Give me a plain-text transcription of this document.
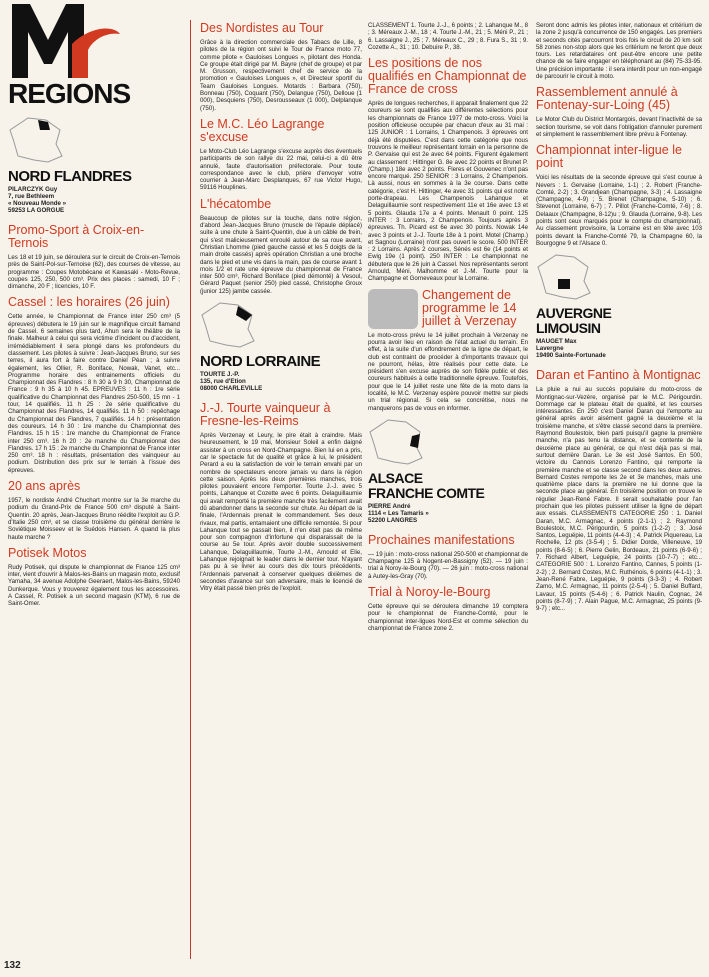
REGIONS
NORD FLANDRES
PILARCZYK Guy
7, rue Bethleem
« Nouveau Monde »
59253 LA GORGUE
Promo-Sport à Croix-en-Ternois
Les 18 et 19 juin, se déroulera sur le circuit de Croix-en-Ternois près de Saint-Pol-sur-Ternoise (62), des courses de vitesse, au programme : Coupes Motobécane et Kawasaki - Moto-Revue, coupes 125, 250, 500 cm³. Prix des places : samedi, 10 F ; dimanche, 20 F ; licencies, 10 F.
Cassel : les horaires (26 juin)
Cette année, le Championnat de France inter 250 cm³ (5 épreuves) débutera le 19 juin sur le magnifique circuit flamand de Cassel. 6 semaines plus tard, Ahun sera le théâtre de la finale. Malheur à celui qui sera victime d'incident ou d'accident, irrémédiablement il sera plongé dans les profondeurs du classement. Les pilotes à suivre : Jean-Jacques Bruno, sur ses terres, il aura fort à faire contre Daniel Péan ; à suivre également, les Ollier, R. Boniface, Nowak, Vanet, etc... Programme horaire des entrainements officiels du Championnat des Flandres : 8 h 30 à 9 h 30, Championnat de France : 9 h 35 à 10 h 45. EPREUVES : 11 h : 1re série qualificative du Championnat des Flandres 250-500, 15 mn - 1 tour, 14 qualifiés. 11 h 25 : 2e série qualificative du Championnat des Flandres, 14 qualifiés. 11 h 50 : repêchage du Championnat des Flandres, 7 qualifiés. 14 h : présentation des coureurs. 14 h 30 : 1re manche du Championnat des Flandres. 15 h 15 : 1re manche du Championnat de France inter 250 cm³. 16 h 20 : 2e manche du Championnat des Flandres. 17 h 15 : 2e manche du Championnat de France inter 250 cm³. 18 h : résultats, présentation des vainqueur au podium. Distribution des prix sur le terrain à l'issue des épreuves.
20 ans après
1957, le nordiste André Chuchart montre sur la 3e marche du podium du Grand-Prix de France 500 cm³ disputé à Saint-Quentin. 20 après, Jean-Jacques Bruno réédite l'exploit au G.P. d'Italie 250 cm³, et se classe troisième du général derrière le Soviétique Moisseev et le Suédois Hansen. A quand la plus haute marche ?
Potisek Motos
Rudy Potisek, qui dispute le championnat de France 125 cm³ inter, vient d'ouvrir à Malos-les-Bains un magasin moto, exclusif Yamaha, 34 avenue Adolphe Geeraert, Malos-les-Bains, 59240 Dunkerque. Vous y trouverez également tous les accessoires. A Cassel, R. Potisek a un second magasin (KTM), 6 rue de Saint-Omer.
Des Nordistes au Tour
Grâce à la direction commerciale des Tabacs de Lille, 8 pilotes de la région ont suivi le Tour de France moto 77, comme pilote « Gauloises Longues », pilotant des Honda. Ce groupe était dirigé par M. Bayre (chef de groupe) et par M. Grusson, respectivement chef de service de la promotion « Gauloises Longues », et Directeur sportif du Team Gauloises Longues. Motards : Barbara (750), Bonneau (750), Coquant (750), Delangue (750), Dellouе (1 000), Desquiens (750), Desrousseaux (1 000), Delplanque (750).
Le M.C. Léo Lagrange s'excuse
Le Moto-Club Léo Lagrange s'excuse auprès des éventuels participants de son rallye du 22 mai, celui-ci a dû être annulé, faute d'autorisation préfectorale. Pour toute correspondance avec le club, prière d'envoyer votre courrier à Jean-Marc Desplanques, 67 rue Victor Hugo, 59116 Houplines.
L'hécatombe
Beaucoup de pilotes sur la touche, dans notre région, d'abord Jean-Jacques Bruno (muscle de l'épaule déplacé) suite à une chute à Saint-Quentin, due à un câble de frein, qui s'est malicieusement enroulé autour de sa roue avant, Christian Lhomme (pied gauche cassé et les 5 doigts de la main droite cassés) après opération Christian a une broche dans le pied et une vis dans la main, pas de course avant 1 mois 1/2 et rate une épreuve du championnat de France inter 500 cm³, Richard Boniface (pied démonté) à Vesoul, Gérard Paquet (senior 250) pied cassé, Christophe Groux (junior 125) jambe cassée.
NORD LORRAINE
TOURTE J.-P.
135, rue d'Etion
08000 CHARLEVILLE
J.-J. Tourte vainqueur à Fresne-les-Reims
Après Verzenay et Leury, le pire était à craindre. Mais heureusement, le 19 mai, Monsieur Soleil a enfin daigné assister à un cross en Nord-Champagne. Bien lui en a pris, car le spectacle fut de qualité et grâce à lui, le président Perard a eu la satisfaction de voir le terrain envahi par un nombre de spectateurs encore jamais vu dans la région cette saison. Après les deux premières manches, trois pilotes pouvaient encore l'emporter. Tourte J.-J. avec 5 points, Lahanque et Cozette avec 6 points. Delaguillaumie qui avait remporté la première manche très facilement avait dû abandonner dans la seconde sur chute. Au départ de la finale, l'Ardennais prenait le commandement. Ses deux rivaux, mal partis, entamaient une difficile remontée. Si pour Lahanque tout se passait bien, il n'en était pas de même pour son compagnon d'infortune qui disparaissait de la course au 5e tour. Après avoir double successivement Lahanque, Delaguillaumie, Tourte J.-M., Arnould et Elie, Lahanque rejoignait le leader dans le dernier tour. N'ayant pas pu à se livrer au cours des dix tours précédents, l'Ardennais parvenait à conserver quelques dixièmes de secondes d'avance sur son adversaire, mais le licencié de Vitry était passé bien près de l'exploit.
CLASSEMENT 1. Tourte J.-J., 6 points ; 2. Lahanque M., 8 ; 3. Méreaux J.-M., 18 ; 4. Tourte J.-M., 21 ; 5. Méni P., 21 ; 6. Lassaigne J., 25 ; 7. Méreaux C., 29 ; 8. Fura S., 31 ; 9. Cozette A., 31 ; 10. Debuire P., 38.
Les positions de nos qualifiés en Championnat de France de cross
Après de longues recherches, il apparait finalement que 22 coureurs se sont qualifiés aux différentes sélections pour les championnats de France 1977 de moto-cross. Voici la position officieuse occupée par chacun d'eux au 31 mai : 125 JUNIOR : 1 Lorrains, 1 Champenois. 3 épreuves ont déjà été disputées. C'est dans cette catégorie que nous trouvons le meilleur représentant lorrain en la personne de P. Gervaise qui est 2e avec 64 points. Figurent également au classement : Hittinger G. 8e avec 22 points et Brunet P. (Champ.) 18e avec 2 points. Fleres et Gouvenec n'ont pas encore marqué. 250 SENIOR : 3 Lorrains, 2 Champenois. Là aussi, nous en sommes à la 3e course. Dans cette catégorie, c'est H. Hittinger, 4e avec 31 points qui est notre porte-drapeau. Les Champenois Lahanque et Delaguillaumie sont respectivement 11e et 16e avec 13 et 5 points. Glauda 17e a 4 points. Menault 0 point. 125 INTER : 3 Lorrains, 2 Champenois. Toujours après 3 épreuves. Th. Picard est 6e avec 30 points. Nowak 14e avec 3 points et J.-J. Tourte 18e à 1 point. Motel (Champ.) et Sagnou (Lorraine) n'ont pas ouvert le score. 500 INTER : 2 Lorrains. Après 2 courses, Sénés est 6e (14 points et Ewig 19e (1 point). 250 INTER : Le championnat ne débutera que le 26 juin à Cassel. Nos représentants seront Arnould, Méni, Malhomme et J.-M. Tourte pour la Champagne et Gorneveaux pour la Lorraine.
Changement de programme le 14 juillet à Verzenay
Le moto-cross prévu le 14 juillet prochain à Verzenay ne pourra avoir lieu en raison de l'état actuel du terrain. En effet, à la suite d'un effondrement de la ligne de départ, le club est contraint de procéder à d'importants travaux qui ne pourront, hélas, être réalisés pour cette date. Le président s'en excuse auprès de son fidèle public et des coureurs habitués à cette traditionnelle épreuve. Toutefois, pour que le 14 juillet reste une fête de la moto dans la localité, le M.C. Verzenay espère pouvoir mettre sur pieds un trial régional. Si cela se concrétise, nous ne manquerons pas de vous en informer.
ALSACE
FRANCHE COMTE
PIERRE André
1114 « Les Tamaris »
52200 LANGRES
Prochaines manifestations
— 19 juin : moto-cross national 250-500 et championnat de Champagne 125 à Nogent-en-Bassigny (52). — 19 juin : trial à Noroy-le-Bourg (70). — 26 juin : moto-cross national à Autey-les-Gray (70).
Trial à Noroy-le-Bourg
Cette épreuve qui se déroulera dimanche 19 comptera pour le championnat de Franche-Comté, pour le championnat inter-ligues Nord-Est et comme sélection du championnat de France zone 2.
Seront donc admis les pilotes inter, nationaux et critérium de la zone 2 jusqu'à concurrence de 150 engagés. Les premiers et seconds cités parcourront trois fois le circuit de 20 km soit 58 zones non-stop alors que les critérium ne feront que deux tours. Les retardataires ont peut-être encore une petite chance de se faire engager en téléphonant au (84) 75-33-95. Une précision importante : il sera interdit pour un non-engagé de parcourir le circuit à moto.
Rassemblement annulé à Fontenay-sur-Loing (45)
Le Motor Club du District Montargois, devant l'inactivité de sa section tourisme, se voit dans l'obligation d'annuler purement et simplement le rassemblement libre prévu à Fontenay.
Championnat inter-ligue le point
Voici les résultats de la seconde épreuve qui s'est courue à Nevers : 1. Gervaise (Lorraine, 1-1) ; 2. Robert (Franche-Comté, 2-2) ; 3. Grandjean (Champagne, 3-3) ; 4. Lassaigne (Champagne, 4-9) ; 5. Brenet (Champagne, 5-10) ; 6. Stevenot (Lorraine, 6-7) ; 7. Pillot (Franche-Comté, 7-6) ; 8. Delaaux (Champagne, 8-12)u ; 9. Glauda (Lorraine, 9-8). Les points sont ceux marqués pour le compte du championnat). Au classement provisoire, la Lorraine est en tête avec 103 points devant la Franche-Comté 79, la Champagne 60, la Bourgogne 9 et l'Alsace 0.
AUVERGNE
LIMOUSIN
MAUGET Max
Lavergne
19490 Sainte-Fortunade
Daran et Fantino à Montignac
La pluie a nui au succès populaire du moto-cross de Montignac-sur-Vezère, organisé par le M.C. Périgourdin. Dommage car le plateau était de qualité, et les courses intéressantes. En 250 c'est Daniel Daran qui l'emporte au général après avoir aisément gagné la deuxième et la troisième manche, et s'être classé second dans la première. Raymond Boulestoix, bien parti puisqu'il gagne la première manche, n'a pas tenu la distance, et se contente de la deuxième place au général, ce qui n'est déjà pas si mal, surtout derrière Daran. Le 3e est José Santos. En 500, victoire du Cannois Lorenzo Fantino, qui remporte la première manche et se classe second dans les deux autres. Bernard Costes remporte les 2e et 3e manches, mais une quatrième place dans la première ne lui donne que la seconde place au général. En troisième position on trouve le régulier Jean-René Fabre. Il serait souhaitable pour l'an prochain que les pilotes puissent utiliser la ligne de départ aux essais. CLASSEMENTS CATEGORIE 250 : 1. Daniel Daran, M.C. Armagnac, 4 points (2-1-1) ; 2. Raymond Boulestoix, M.C. Périgourdin, 5 points (1-2-2) ; 3. José Santos, Leguépie, 11 points (4-4-3) ; 4. Patrick Piquereau, La Rochelle, 12 pts (3-5-4) ; 5. Didier Dorde, Villeneuve, 19 points (8-6-5) ; 6. Pierre Gelin, Bordeaux, 21 points (6-9-6) ; 7. Richard Albert, Leguépie, 24 points (10-7-7) ; etc... CATEGORIE 500 : 1. Lorenzo Fantino, Cannes, 5 points (1-2-2) ; 2. Bernard Costes, M.C. Ruthénois, 6 points (4-1-1) ; 3. Jean-René Fabre, Leguépie, 9 points (3-3-3) ; 4. Robert Zamo, M.C. Armagnac, 11 points (2-5-4) ; 5. Daniel Buffard, Lavaur, 15 points (5-4-6) ; 6. Patrick Naulin, Cognac, 24 points (8-7-9) ; 7. Alain Pague, M.C. Armagnac, 25 points (9-9-7) ; etc...
132
